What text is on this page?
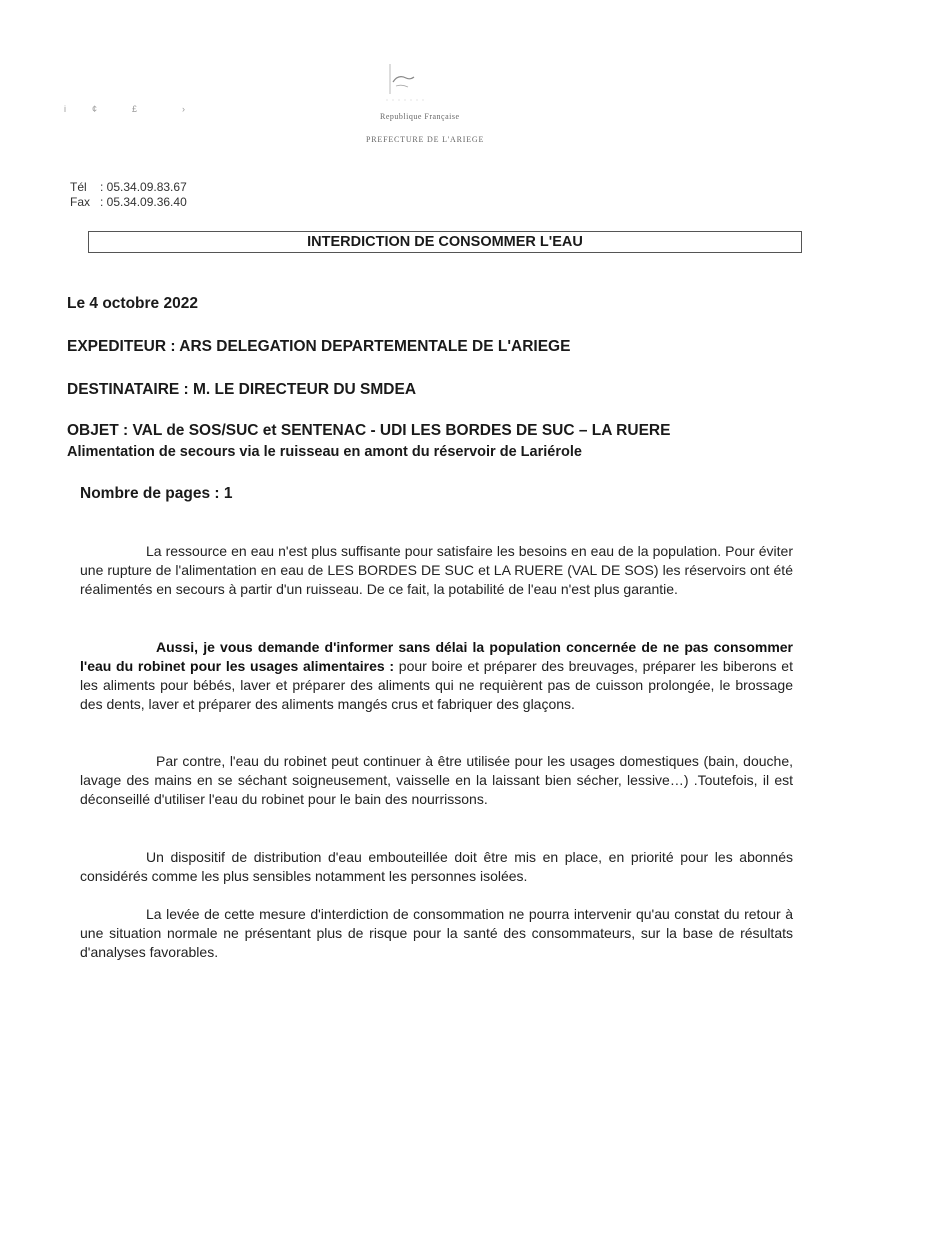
i	¢	£	›
Republique Française
PREFECTURE DE L'ARIEGE
Tél : 05.34.09.83.67
Fax : 05.34.09.36.40
INTERDICTION DE CONSOMMER L'EAU
Le 4 octobre 2022
EXPEDITEUR : ARS DELEGATION DEPARTEMENTALE DE L'ARIEGE
DESTINATAIRE : M. LE DIRECTEUR DU SMDEA
OBJET : VAL de SOS/SUC et SENTENAC - UDI LES BORDES DE SUC – LA RUERE
Alimentation de secours via le ruisseau en amont du réservoir de Lariérole
Nombre de pages : 1

La ressource en eau n'est plus suffisante pour satisfaire les besoins en eau de la population. Pour éviter une rupture de l'alimentation en eau de LES BORDES DE SUC et LA RUERE (VAL DE SOS) les réservoirs ont été réalimentés en secours à partir d'un ruisseau. De ce fait, la potabilité de l'eau n'est plus garantie.

Aussi, je vous demande d'informer sans délai la population concernée de ne pas consommer l'eau du robinet pour les usages alimentaires : pour boire et préparer des breuvages, préparer les biberons et les aliments pour bébés, laver et préparer des aliments qui ne requièrent pas de cuisson prolongée, le brossage des dents, laver et préparer des aliments mangés crus et fabriquer des glaçons.

Par contre, l'eau du robinet peut continuer à être utilisée pour les usages domestiques (bain, douche, lavage des mains en se séchant soigneusement, vaisselle en la laissant bien sécher, lessive…) .Toutefois, il est déconseillé d'utiliser l'eau du robinet pour le bain des nourrissons.

Un dispositif de distribution d'eau embouteillée doit être mis en place, en priorité pour les abonnés considérés comme les plus sensibles notamment les personnes isolées.

La levée de cette mesure d'interdiction de consommation ne pourra intervenir qu'au constat du retour à une situation normale ne présentant plus de risque pour la santé des consommateurs, sur la base de résultats d'analyses favorables.
